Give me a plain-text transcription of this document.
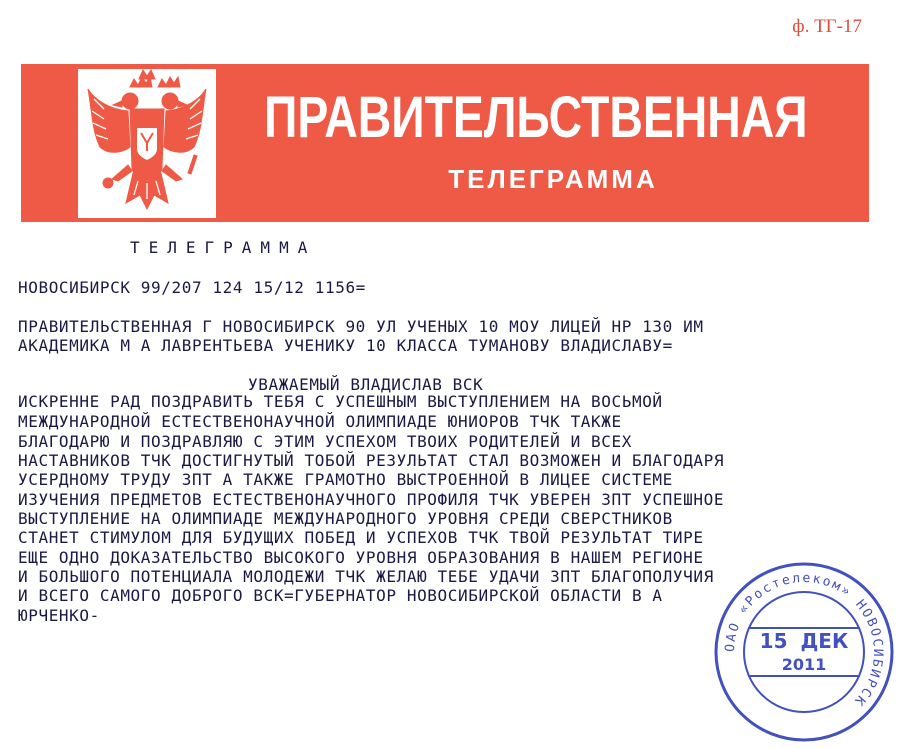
ф. ТГ-17
ПРАВИТЕЛЬСТВЕННАЯ
ТЕЛЕГРАММА
ТЕЛЕГРАММА
НОВОСИБИРСК 99/207 124 15/12 1156=
ПРАВИТЕЛЬСТВЕННАЯ Г НОВОСИБИРСК 90 УЛ УЧЕНЫХ 10 МОУ ЛИЦЕЙ НР 130 ИМ
АКАДЕМИКА М А ЛАВРЕНТЬЕВА УЧЕНИКУ 10 КЛАССА ТУМАНОВУ ВЛАДИСЛАВУ=
УВАЖАЕМЫЙ ВЛАДИСЛАВ ВСК
ИСКРЕННЕ РАД ПОЗДРАВИТЬ ТЕБЯ С УСПЕШНЫМ ВЫСТУПЛЕНИЕМ НА ВОСЬМОЙ
МЕЖДУНАРОДНОЙ ЕСТЕСТВЕНОНАУЧНОЙ ОЛИМПИАДЕ ЮНИОРОВ ТЧК ТАКЖЕ
БЛАГОДАРЮ И ПОЗДРАВЛЯЮ С ЭТИМ УСПЕХОМ ТВОИХ РОДИТЕЛЕЙ И ВСЕХ
НАСТАВНИКОВ ТЧК ДОСТИГНУТЫЙ ТОБОЙ РЕЗУЛЬТАТ СТАЛ ВОЗМОЖЕН И БЛАГОДАРЯ
УСЕРДНОМУ ТРУДУ ЗПТ А ТАКЖЕ ГРАМОТНО ВЫСТРОЕННОЙ В ЛИЦЕЕ СИСТЕМЕ
ИЗУЧЕНИЯ ПРЕДМЕТОВ ЕСТЕСТВЕНОНАУЧНОГО ПРОФИЛЯ ТЧК УВЕРЕН ЗПТ УСПЕШНОЕ
ВЫСТУПЛЕНИЕ НА ОЛИМПИАДЕ МЕЖДУНАРОДНОГО УРОВНЯ СРЕДИ СВЕРСТНИКОВ
СТАНЕТ СТИМУЛОМ ДЛЯ БУДУЩИХ ПОБЕД И УСПЕХОВ ТЧК ТВОЙ РЕЗУЛЬТАТ ТИРЕ
ЕЩЕ ОДНО ДОКАЗАТЕЛЬСТВО ВЫСОКОГО УРОВНЯ ОБРАЗОВАНИЯ В НАШЕМ РЕГИОНЕ
И БОЛЬШОГО ПОТЕНЦИАЛА МОЛОДЕЖИ ТЧК ЖЕЛАЮ ТЕБЕ УДАЧИ ЗПТ БЛАГОПОЛУЧИЯ
И ВСЕГО САМОГО ДОБРОГО ВСК=ГУБЕРНАТОР НОВОСИБИРСКОЙ ОБЛАСТИ В А
ЮРЧЕНКО-
ОАО «Ростелеком» НОВОСИБИРСК
15 ДЕК
2011
